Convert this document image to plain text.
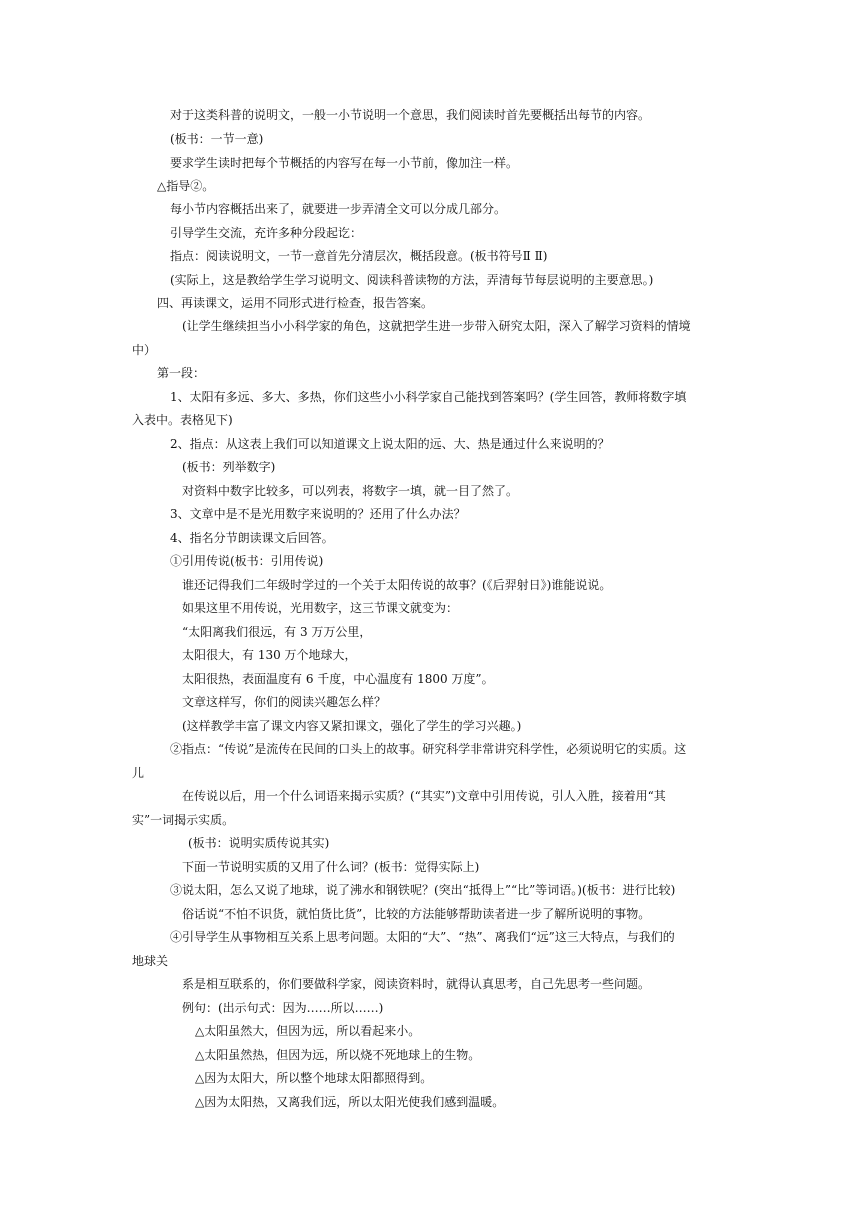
对于这类科普的说明文，一般一小节说明一个意思，我们阅读时首先要概括出每节的内容。
(板书：一节一意)
要求学生读时把每个节概括的内容写在每一小节前，像加注一样。
△指导②。
每小节内容概括出来了，就要进一步弄清全文可以分成几部分。
引导学生交流，充许多种分段起讫：
指点：阅读说明文，一节一意首先分清层次，概括段意。(板书符号Ⅱ Ⅱ)
(实际上，这是教给学生学习说明文、阅读科普读物的方法，弄清每节每层说明的主要意思。)
四、再读课文，运用不同形式进行检查，报告答案。
(让学生继续担当小小科学家的角色，这就把学生进一步带入研究太阳，深入了解学习资料的情境
中）
第一段：
1、太阳有多远、多大、多热，你们这些小小科学家自己能找到答案吗？(学生回答，教师将数字填
入表中。表格见下)
2、指点：从这表上我们可以知道课文上说太阳的远、大、热是通过什么来说明的？
(板书：列举数字)
对资料中数字比较多，可以列表，将数字一填，就一目了然了。
3、文章中是不是光用数字来说明的？还用了什么办法？
4、指名分节朗读课文后回答。
①引用传说(板书：引用传说)
谁还记得我们二年级时学过的一个关于太阳传说的故事？(《后羿射日》)谁能说说。
如果这里不用传说，光用数字，这三节课文就变为：
“太阳离我们很远，有 3 万万公里，
太阳很大，有 130 万个地球大，
太阳很热，表面温度有 6 千度，中心温度有 1800 万度”。
文章这样写，你们的阅读兴趣怎么样？
(这样教学丰富了课文内容又紧扣课文，强化了学生的学习兴趣。)
②指点：“传说”是流传在民间的口头上的故事。研究科学非常讲究科学性，必须说明它的实质。这
儿
在传说以后，用一个什么词语来揭示实质？(“其实”)文章中引用传说，引人入胜，接着用“其
实”一词揭示实质。
(板书：说明实质传说其实)
下面一节说明实质的又用了什么词？(板书：觉得实际上)
③说太阳，怎么又说了地球，说了沸水和钢铁呢？(突出“抵得上”“比”等词语。)(板书：进行比较)
俗话说“不怕不识货，就怕货比货”，比较的方法能够帮助读者进一步了解所说明的事物。
④引导学生从事物相互关系上思考问题。太阳的“大”、“热”、离我们“远”这三大特点，与我们的
地球关
系是相互联系的，你们要做科学家，阅读资料时，就得认真思考，自己先思考一些问题。
例句：(出示句式：因为……所以……)
△太阳虽然大，但因为远，所以看起来小。
△太阳虽然热，但因为远，所以烧不死地球上的生物。
△因为太阳大，所以整个地球太阳都照得到。
△因为太阳热，又离我们远，所以太阳光使我们感到温暖。
